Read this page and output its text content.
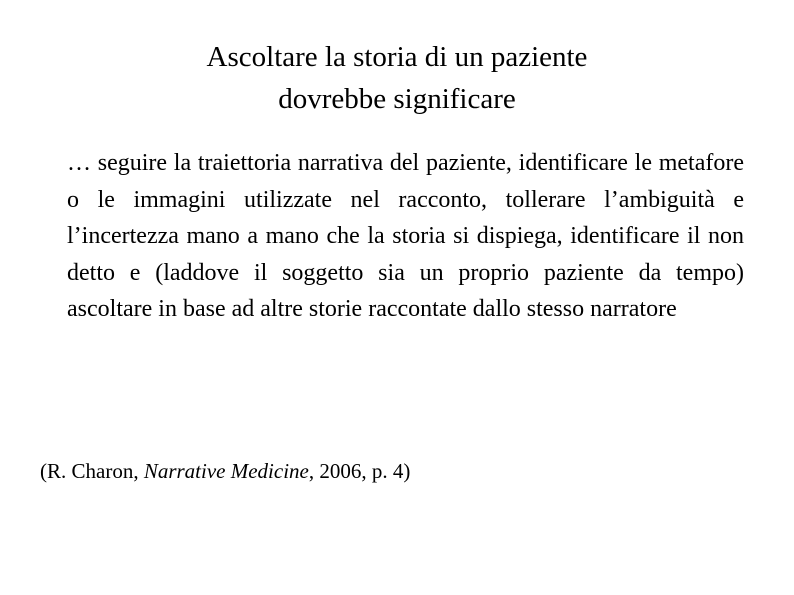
Ascoltare la storia di un paziente
dovrebbe significare

… seguire la traiettoria narrativa del paziente, identificare le metafore o le immagini utilizzate nel racconto, tollerare l’ambiguità e l’incertezza mano a mano che la storia si dispiega, identificare il non detto e (laddove il soggetto sia un proprio paziente da tempo) ascoltare in base ad altre storie raccontate dallo stesso narratore

(R. Charon, Narrative Medicine, 2006, p. 4)
